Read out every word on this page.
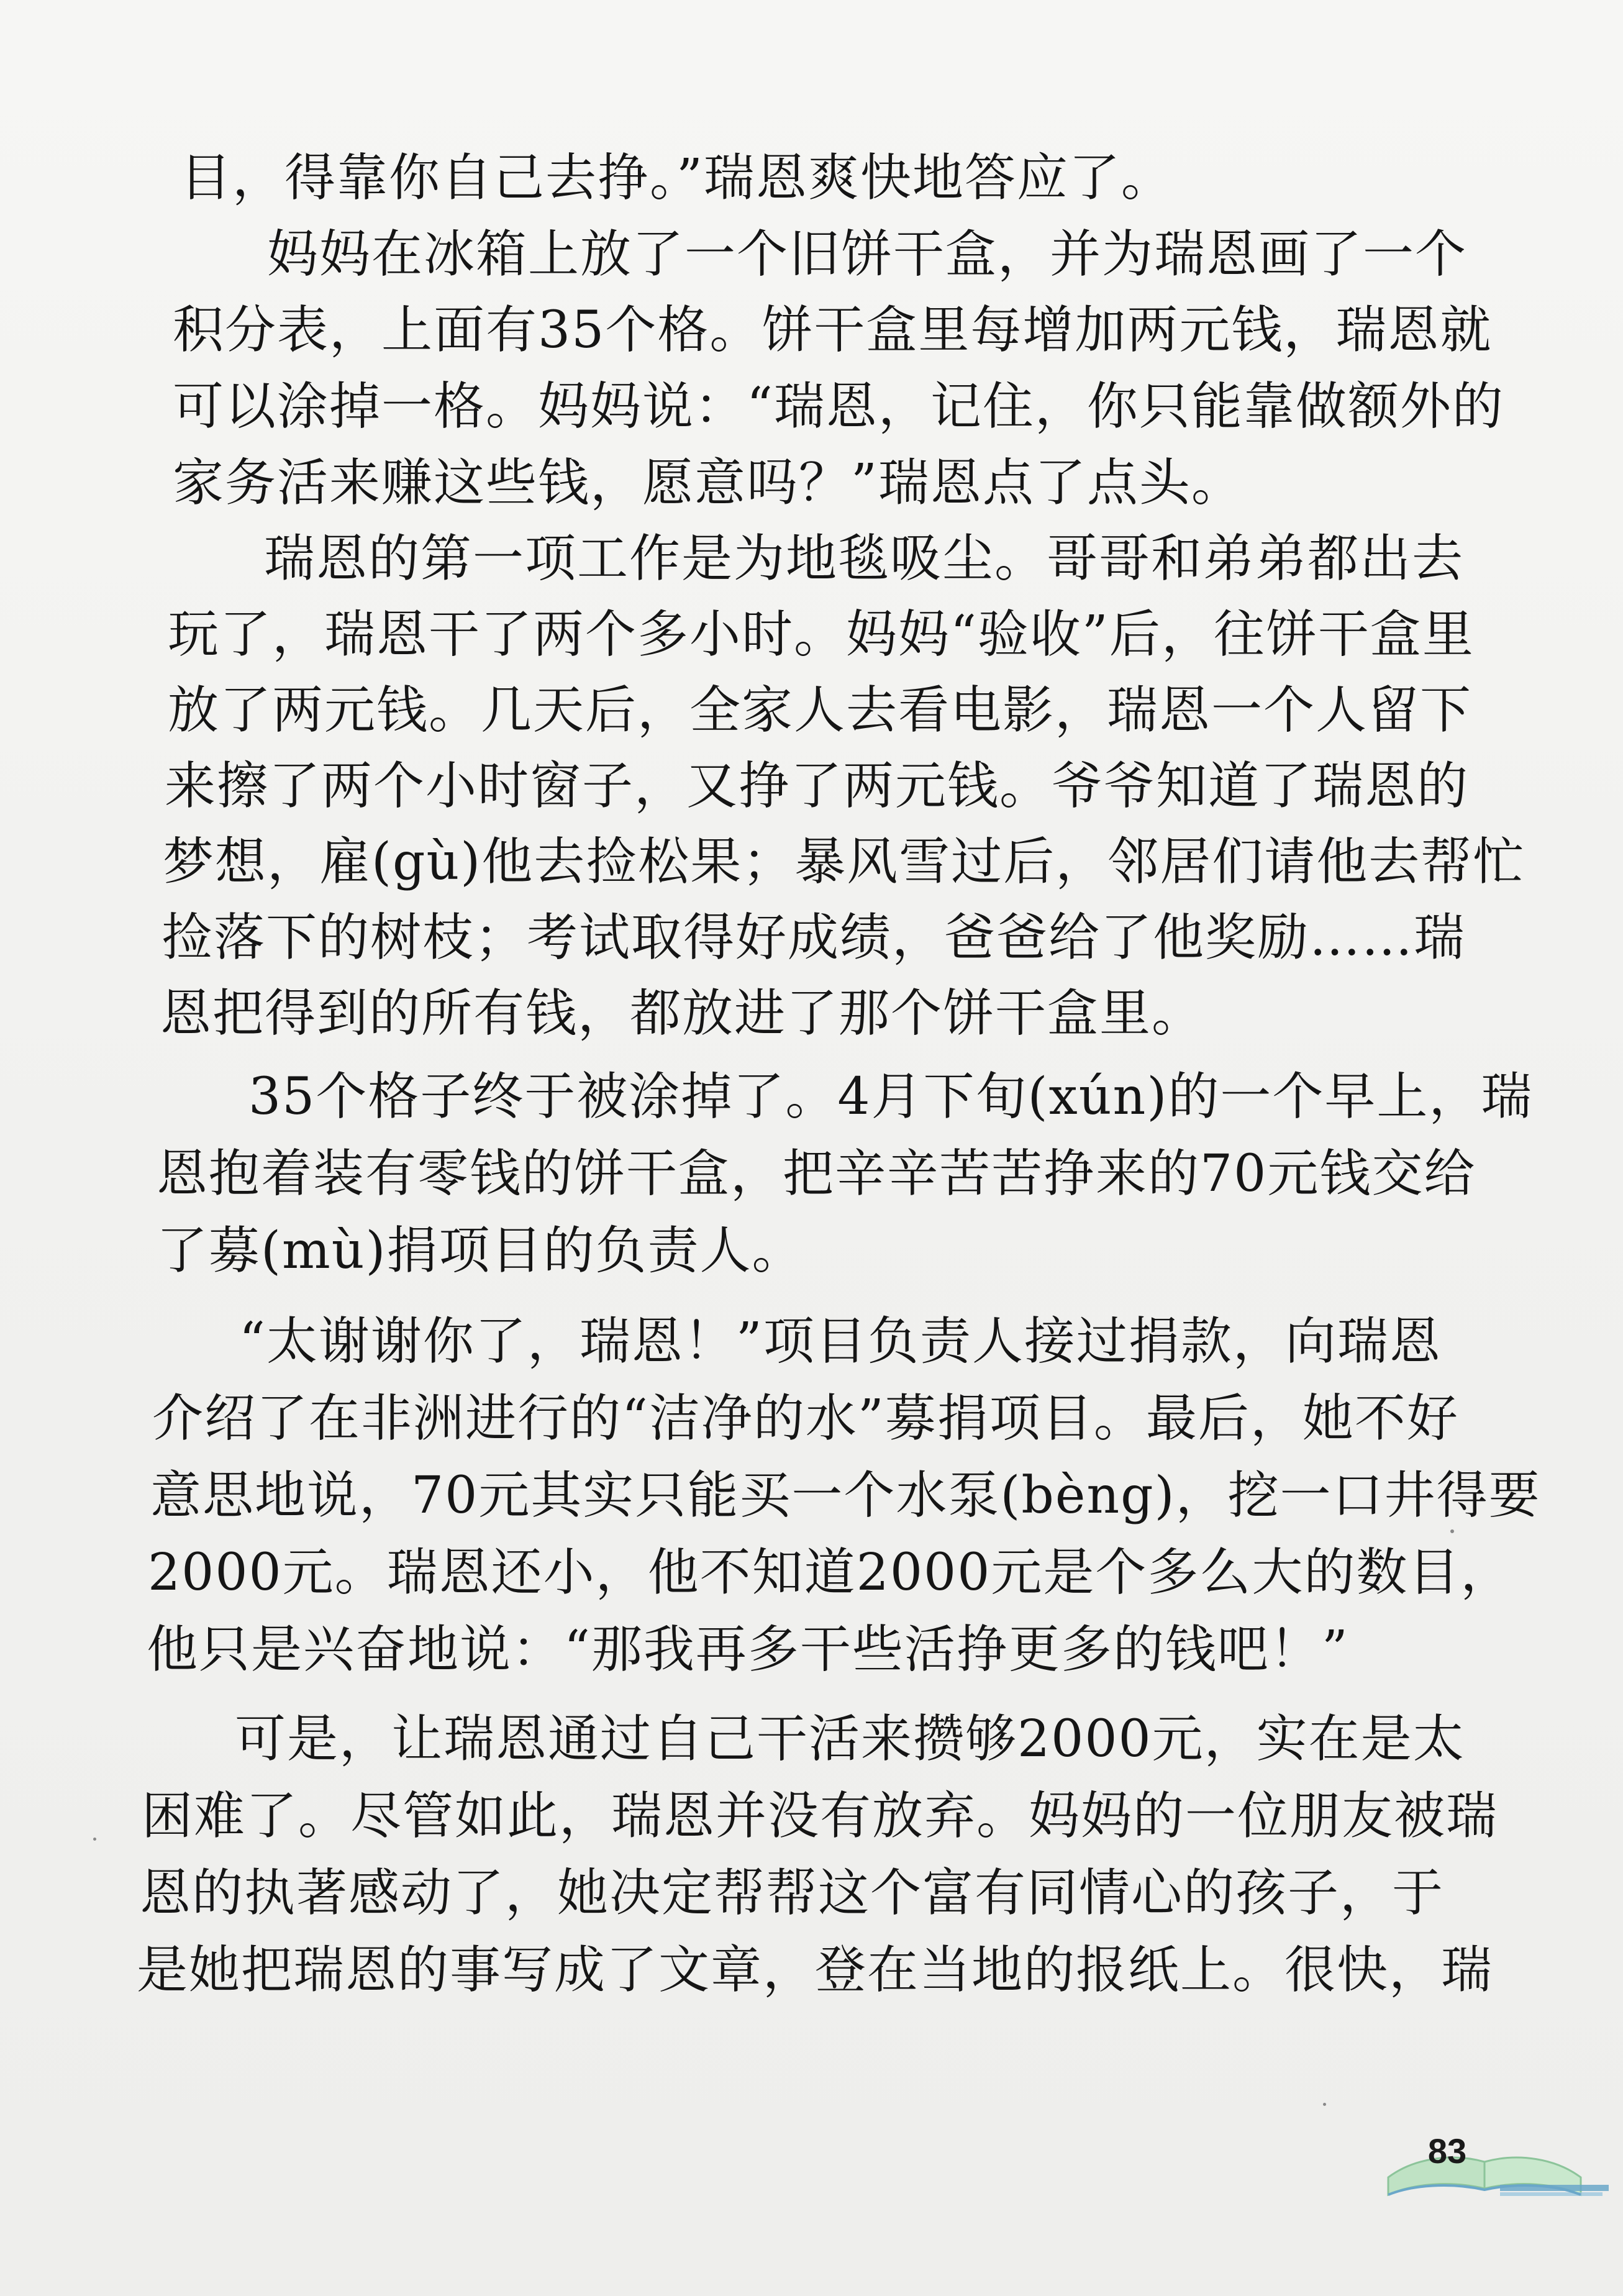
目，得靠你自己去挣。”瑞恩爽快地答应了。
妈妈在冰箱上放了一个旧饼干盒，并为瑞恩画了一个
积分表，上面有35个格。饼干盒里每增加两元钱，瑞恩就
可以涂掉一格。妈妈说：“瑞恩，记住，你只能靠做额外的
家务活来赚这些钱，愿意吗？”瑞恩点了点头。
瑞恩的第一项工作是为地毯吸尘。哥哥和弟弟都出去
玩了，瑞恩干了两个多小时。妈妈“验收”后，往饼干盒里
放了两元钱。几天后，全家人去看电影，瑞恩一个人留下
来擦了两个小时窗子，又挣了两元钱。爷爷知道了瑞恩的
梦想，雇(gù)他去捡松果；暴风雪过后，邻居们请他去帮忙
捡落下的树枝；考试取得好成绩，爸爸给了他奖励……瑞
恩把得到的所有钱，都放进了那个饼干盒里。
35个格子终于被涂掉了。4月下旬(xún)的一个早上，瑞
恩抱着装有零钱的饼干盒，把辛辛苦苦挣来的70元钱交给
了募(mù)捐项目的负责人。
“太谢谢你了，瑞恩！”项目负责人接过捐款，向瑞恩
介绍了在非洲进行的“洁净的水”募捐项目。最后，她不好
意思地说，70元其实只能买一个水泵(bèng)，挖一口井得要
2000元。瑞恩还小，他不知道2000元是个多么大的数目，
他只是兴奋地说：“那我再多干些活挣更多的钱吧！”
可是，让瑞恩通过自己干活来攒够2000元，实在是太
困难了。尽管如此，瑞恩并没有放弃。妈妈的一位朋友被瑞
恩的执著感动了，她决定帮帮这个富有同情心的孩子，于
是她把瑞恩的事写成了文章，登在当地的报纸上。很快，瑞
83
